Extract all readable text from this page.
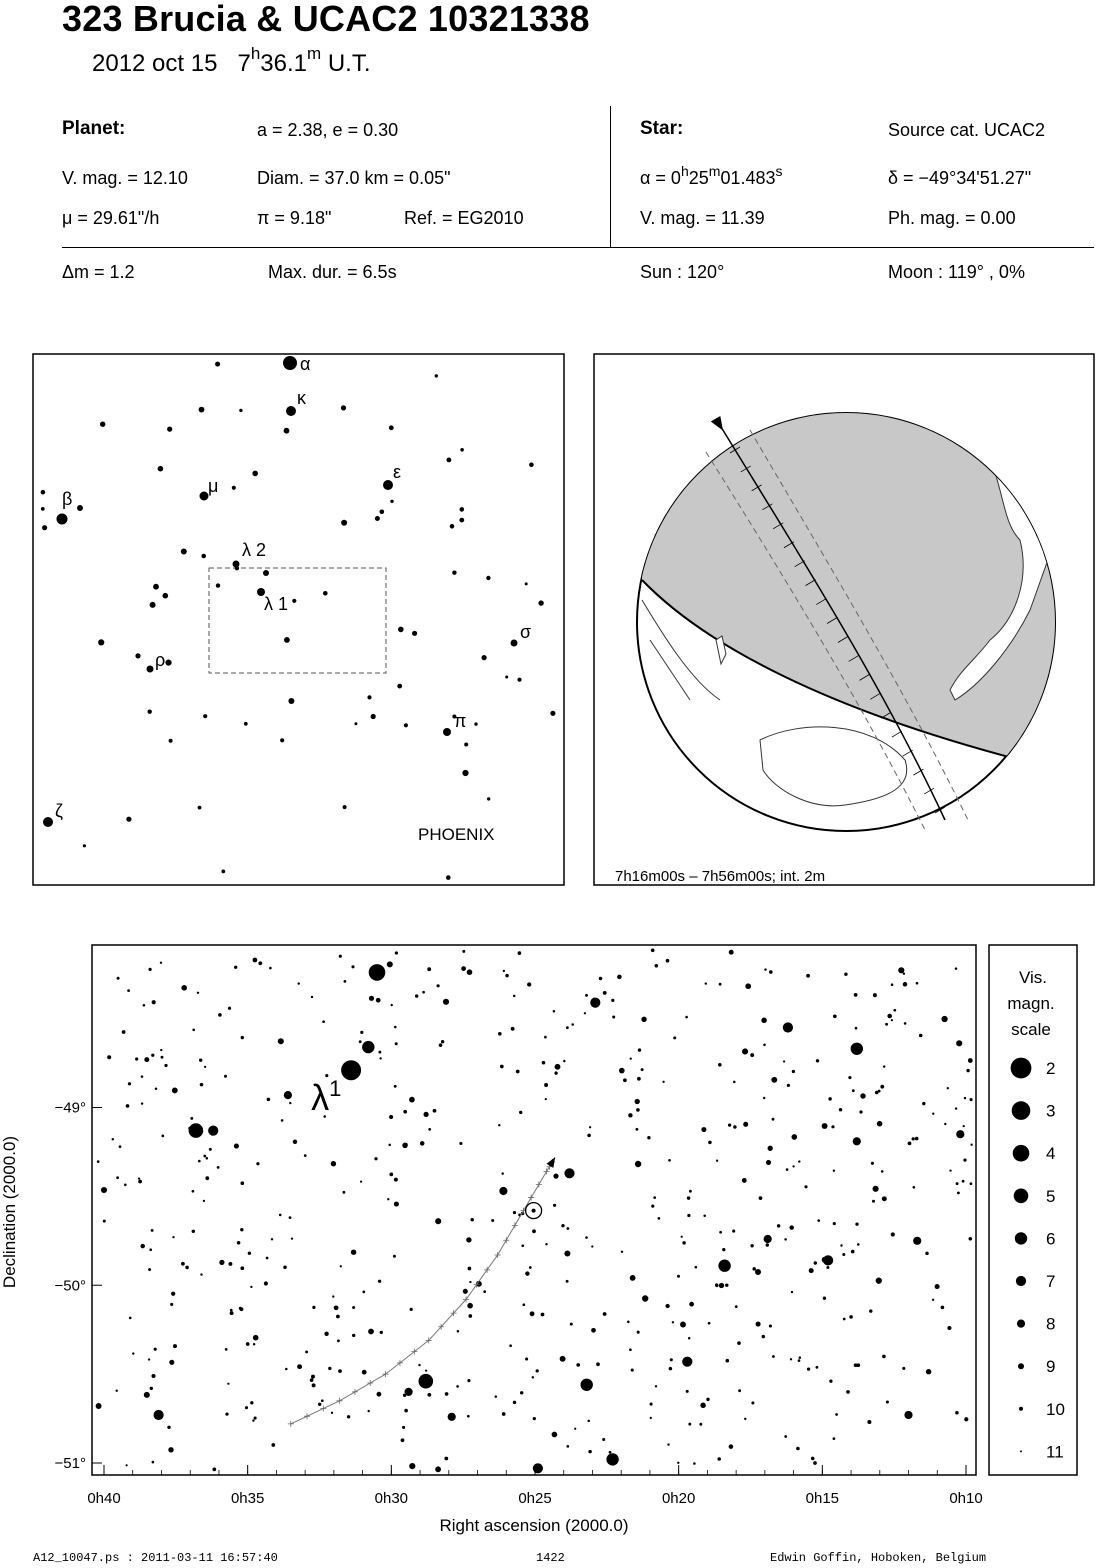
323 Brucia & UCAC2 10321338
2012 oct 15 7$^h$36.1$^m$ U.T.
Planet:	a = 2.38, e = 0.30
V. mag. = 12.10	Diam. = 37.0 km = 0.05"
μ = 29.61"/h	π = 9.18"	Ref. = EG2010
Star:	Source cat. UCAC2
$\alpha = 0^h25^m01.483^s$	δ = −49°34'51.27"
V. mag. = 11.39	Ph. mag. = 0.00
Δm = 1.2	Max. dur. = 6.5s	Sun : 120°	Moon : 119° , 0%
α
κ
ε
μ
β
λ 2
λ 1
σ
ρ
π
ζ
PHOENIX
7h16m00s – 7h56m00s; int. 2m
$\lambda^1$
0h40	0h35	0h30	0h25	0h20	0h15	0h10
−49°
−50°
−51°
Right ascension (2000.0)
Declination (2000.0)
Vis.
magn.
scale
2
3
4
5
6
7
8
9
10
11
A12_10047.ps : 2011-03-11 16:57:40	1422	Edwin Goffin, Hoboken, Belgium
